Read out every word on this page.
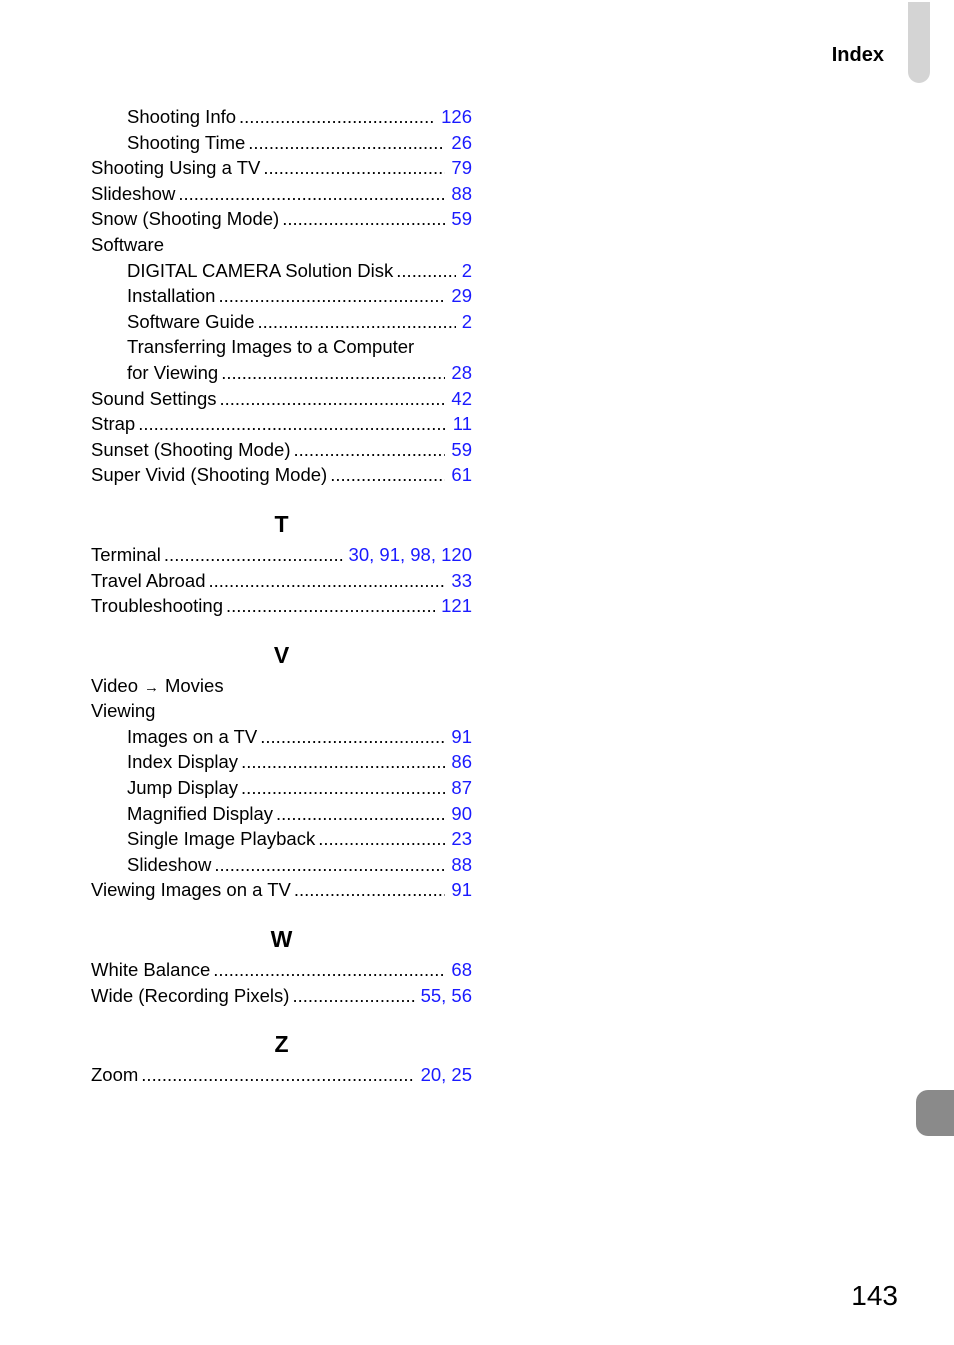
Index
Shooting Info .....	126
Shooting Time .....	26
Shooting Using a TV .....	79
Slideshow .....	88
Snow (Shooting Mode) .....	59
Software
DIGITAL CAMERA Solution Disk .....	2
Installation .....	29
Software Guide .....	2
Transferring Images to a Computer
for Viewing .....	28
Sound Settings .....	42
Strap .....	11
Sunset (Shooting Mode) .....	59
Super Vivid (Shooting Mode) .....	61
T
Terminal .....	30, 91, 98, 120
Travel Abroad .....	33
Troubleshooting .....	121
V
Video → Movies
Viewing
Images on a TV .....	91
Index Display .....	86
Jump Display .....	87
Magnified Display .....	90
Single Image Playback .....	23
Slideshow .....	88
Viewing Images on a TV .....	91
W
White Balance .....	68
Wide (Recording Pixels) .....	55, 56
Z
Zoom .....	20, 25
143
